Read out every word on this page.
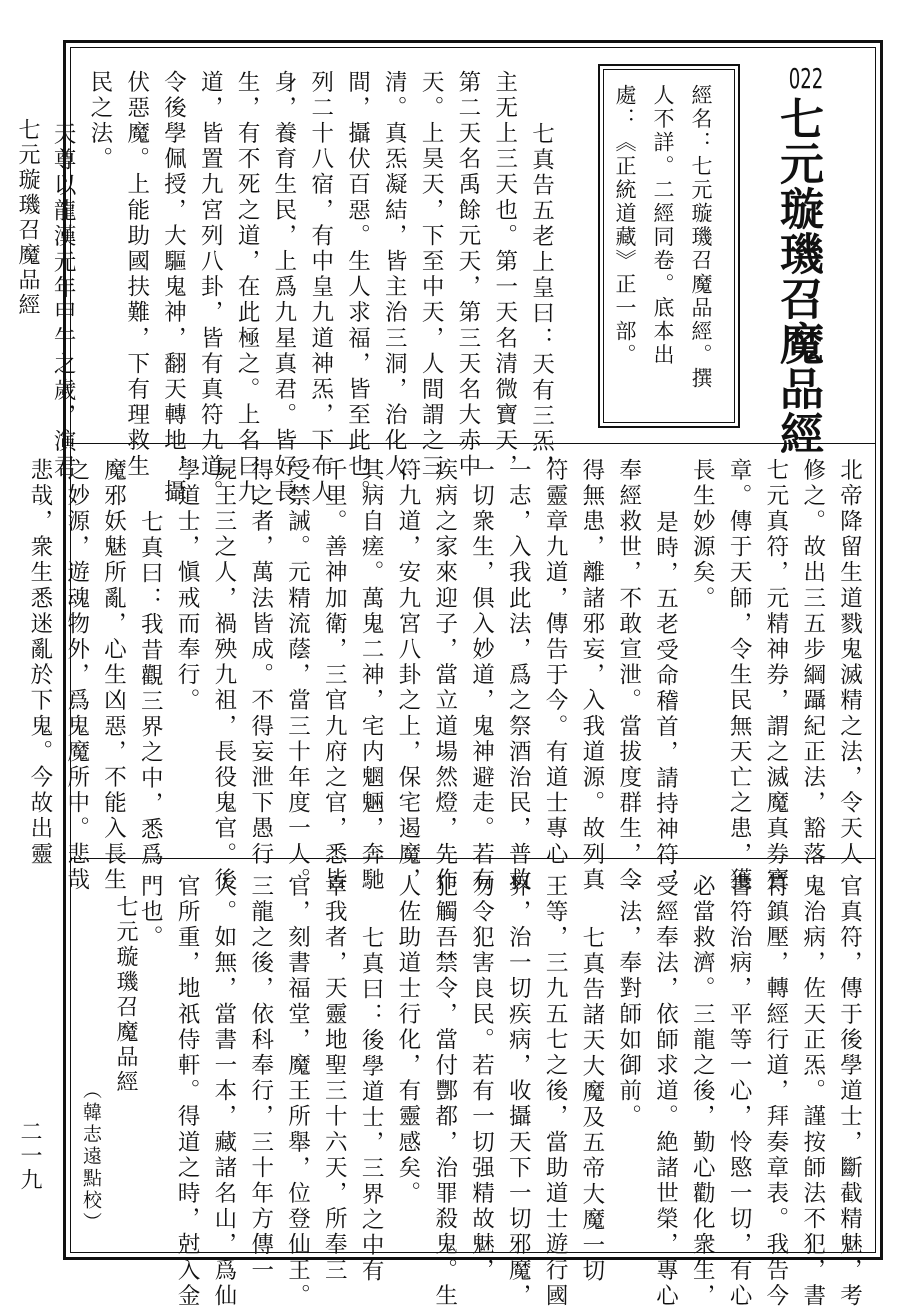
七元璇璣召魔品經
二一九
022
七元璇璣召魔品經
經名：七元璇璣召魔品經。撰
人不詳。二經同卷。底本出
處：《正統道藏》正一部。
七真告五老上皇曰：天有三炁，
主无上三天也。第一天名清微寶天，
第二天名禹餘元天，第三天名大赤中
天。上昊天，下至中天，人間謂之三
清。真炁凝結，皆主治三洞，治化人
間，攝伏百惡。生人求福，皆至此也。
列二十八宿，有中皇九道神炁，下布人
身，養育生民，上爲九星真君。皆好長
生，有不死之道，在此極之。上名曰九
道，皆置九宮列八卦，皆有真符九道。
令後學佩授，大驅鬼神，翻天轉地，攝
伏惡魔。上能助國扶難，下有理救生
民之法。
天尊以龍漢元年甲午之歲，演君
北帝降留生道戮鬼滅精之法，令天人
修之。故出三五步綱躡紀正法，豁落
七元真符，元精神券，謂之滅魔真券寶
章。傳于天師，令生民無天亡之患，獲
長生妙源矣。
是時，五老受命稽首，請持神符，
奉經救世，不敢宣泄。當拔度群生，令
得無患，離諸邪妄，入我道源。故列真
符靈章九道，傳告于今。有道士專心
一志，入我此法，爲之祭酒治民，普救
一切衆生，俱入妙道，鬼神避走。若有
疾病之家來迎子，當立道場然燈，先作
符九道，安九宮八卦之上，保宅遏魔，
其病自瘥。萬鬼二神，宅内魍魎，奔馳
千里。善神加衛，三官九府之官，悉皆
受禁誡。元精流蔭，當三十年度一人。
得之者，萬法皆成。不得妄泄下愚行
屍王三之人，禍殃九祖，長役鬼官。後
學道士，愼戒而奉行。
七真曰：我昔觀三界之中，悉爲
魔邪妖魅所亂，心生凶惡，不能入長生
之妙源，遊魂物外，爲鬼魔所中。悲哉
悲哉，衆生悉迷亂於下鬼。今故出靈
官真符，傳于後學道士，斷截精魅，考
鬼治病，佐天正炁。謹按師法不犯，書
符鎮壓，轉經行道，拜奏章表。我告今
書符治病，平等一心，怜愍一切，有心
必當救濟。三龍之後，勤心勸化衆生，
受經奉法，依師求道。絶諸世榮，專心
一法，奉對師如御前。
七真告諸天大魔及五帝大魔一切
王等，三九五七之後，當助道士遊行國
界，治一切疾病，收攝天下一切邪魔，
勿令犯害良民。若有一切强精故魅，
犯觸吾禁令，當付酆都，治罪殺鬼。生
人佐助道士行化，有靈感矣。
七真曰：後學道士，三界之中有
幸我者，天靈地聖三十六天，所奉三
官，刻書福堂，魔王所舉，位登仙王。
三龍之後，依科奉行，三十年方傳一
人。如無，當書一本，藏諸名山，爲仙
官所重，地祇侍軒。得道之時，尅入金
門也。
七元璇璣召魔品經
（韓志遠點校）
